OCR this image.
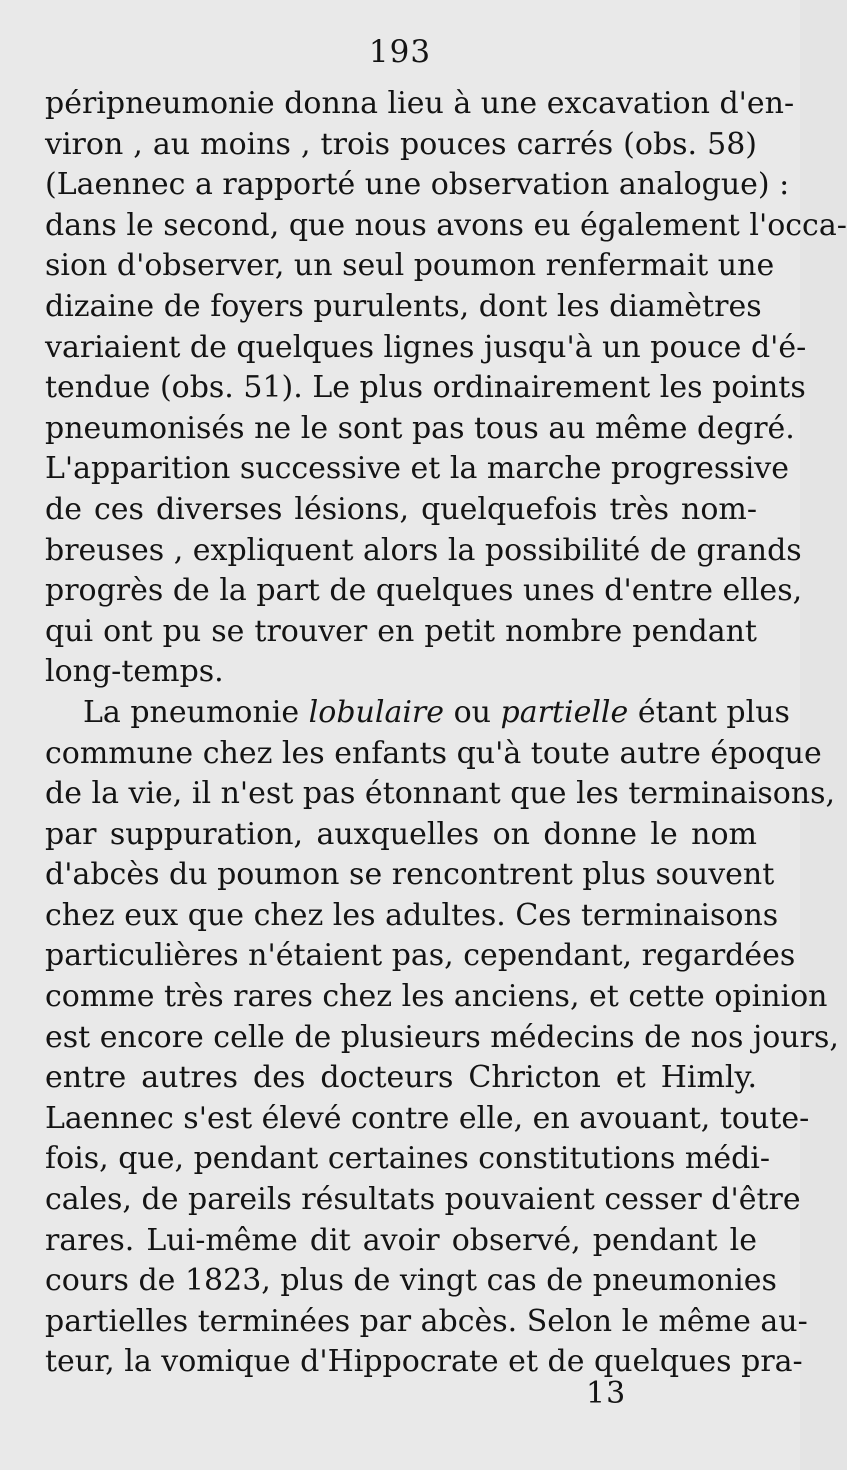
193
péripneumonie donna lieu à une excavation d'en-
viron , au moins , trois pouces carrés (obs. 58)
(Laennec a rapporté une observation analogue) :
dans le second, que nous avons eu également l'occa-
sion d'observer, un seul poumon renfermait une
dizaine de foyers purulents, dont les diamètres
variaient de quelques lignes jusqu'à un pouce d'é-
tendue (obs. 51). Le plus ordinairement les points
pneumonisés ne le sont pas tous au même degré.
L'apparition successive et la marche progressive
de ces diverses lésions, quelquefois très nom-
breuses , expliquent alors la possibilité de grands
progrès de la part de quelques unes d'entre elles,
qui ont pu se trouver en petit nombre pendant
long-temps.
La pneumonie lobulaire ou partielle étant plus
commune chez les enfants qu'à toute autre époque
de la vie, il n'est pas étonnant que les terminaisons,
par suppuration, auxquelles on donne le nom
d'abcès du poumon se rencontrent plus souvent
chez eux que chez les adultes. Ces terminaisons
particulières n'étaient pas, cependant, regardées
comme très rares chez les anciens, et cette opinion
est encore celle de plusieurs médecins de nos jours,
entre autres des docteurs Chricton et Himly.
Laennec s'est élevé contre elle, en avouant, toute-
fois, que, pendant certaines constitutions médi-
cales, de pareils résultats pouvaient cesser d'être
rares. Lui-même dit avoir observé, pendant le
cours de 1823, plus de vingt cas de pneumonies
partielles terminées par abcès. Selon le même au-
teur, la vomique d'Hippocrate et de quelques pra-
13
